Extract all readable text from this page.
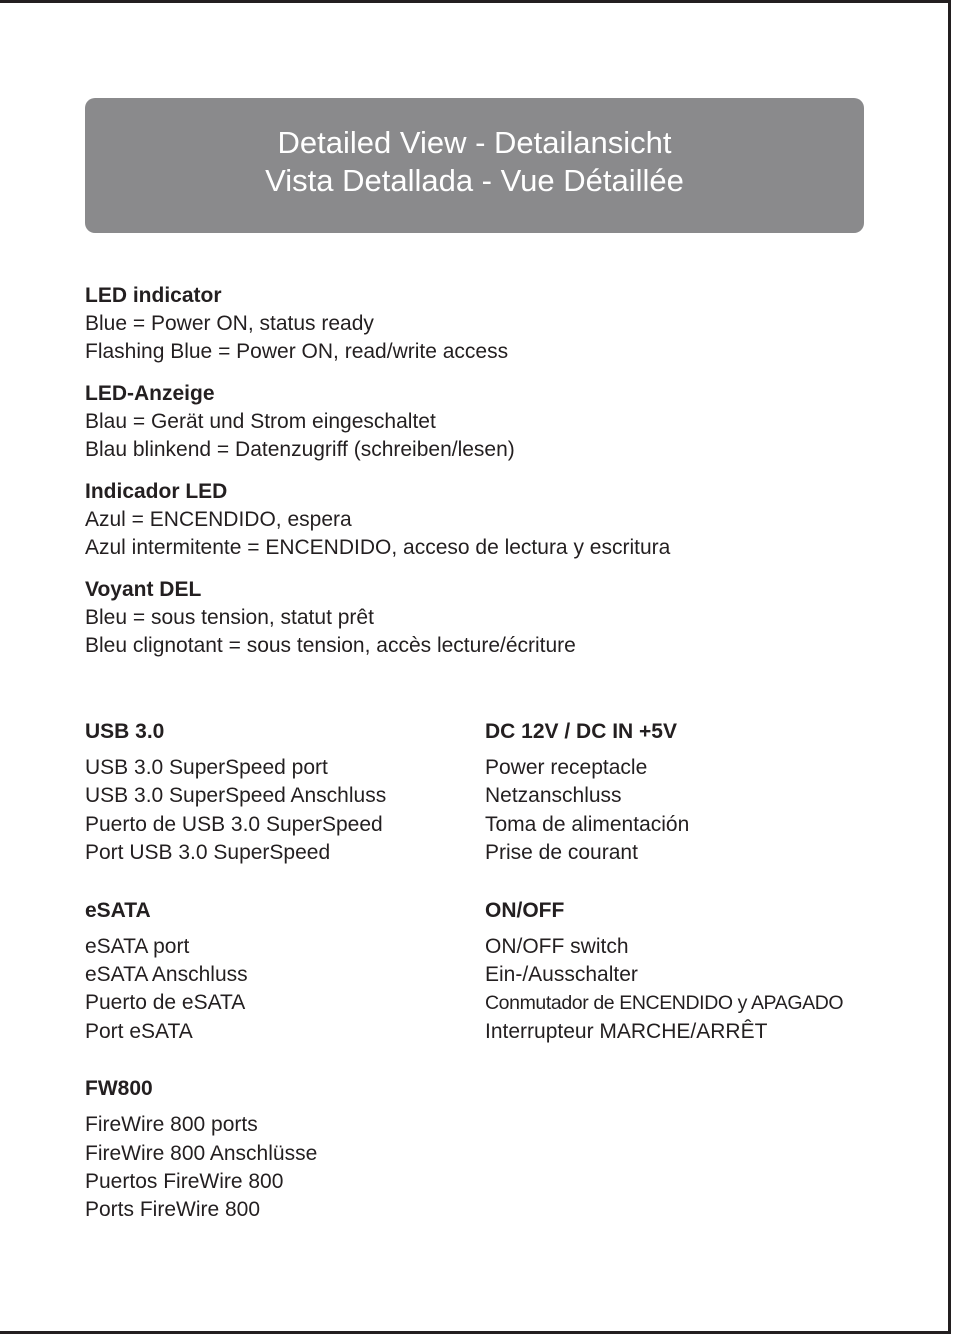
Detailed View - Detailansicht
Vista Detallada - Vue Détaillée
LED indicator
Blue = Power ON, status ready
Flashing Blue = Power ON, read/write access
LED-Anzeige
Blau = Gerät und Strom eingeschaltet
Blau blinkend = Datenzugriff (schreiben/lesen)
Indicador LED
Azul = ENCENDIDO, espera
Azul intermitente = ENCENDIDO, acceso de lectura y escritura
Voyant DEL
Bleu = sous tension, statut prêt
Bleu clignotant = sous tension, accès lecture/écriture
USB 3.0
USB 3.0 SuperSpeed port
USB 3.0 SuperSpeed Anschluss
Puerto de USB 3.0 SuperSpeed
Port USB 3.0 SuperSpeed
eSATA
eSATA port
eSATA Anschluss
Puerto de eSATA
Port eSATA
FW800
FireWire 800 ports
FireWire 800 Anschlüsse
Puertos FireWire 800
Ports FireWire 800
DC 12V / DC IN +5V
Power receptacle
Netzanschluss
Toma de alimentación
Prise de courant
ON/OFF
ON/OFF switch
Ein-/Ausschalter
Conmutador de ENCENDIDO y APAGADO
Interrupteur MARCHE/ARRÊT
